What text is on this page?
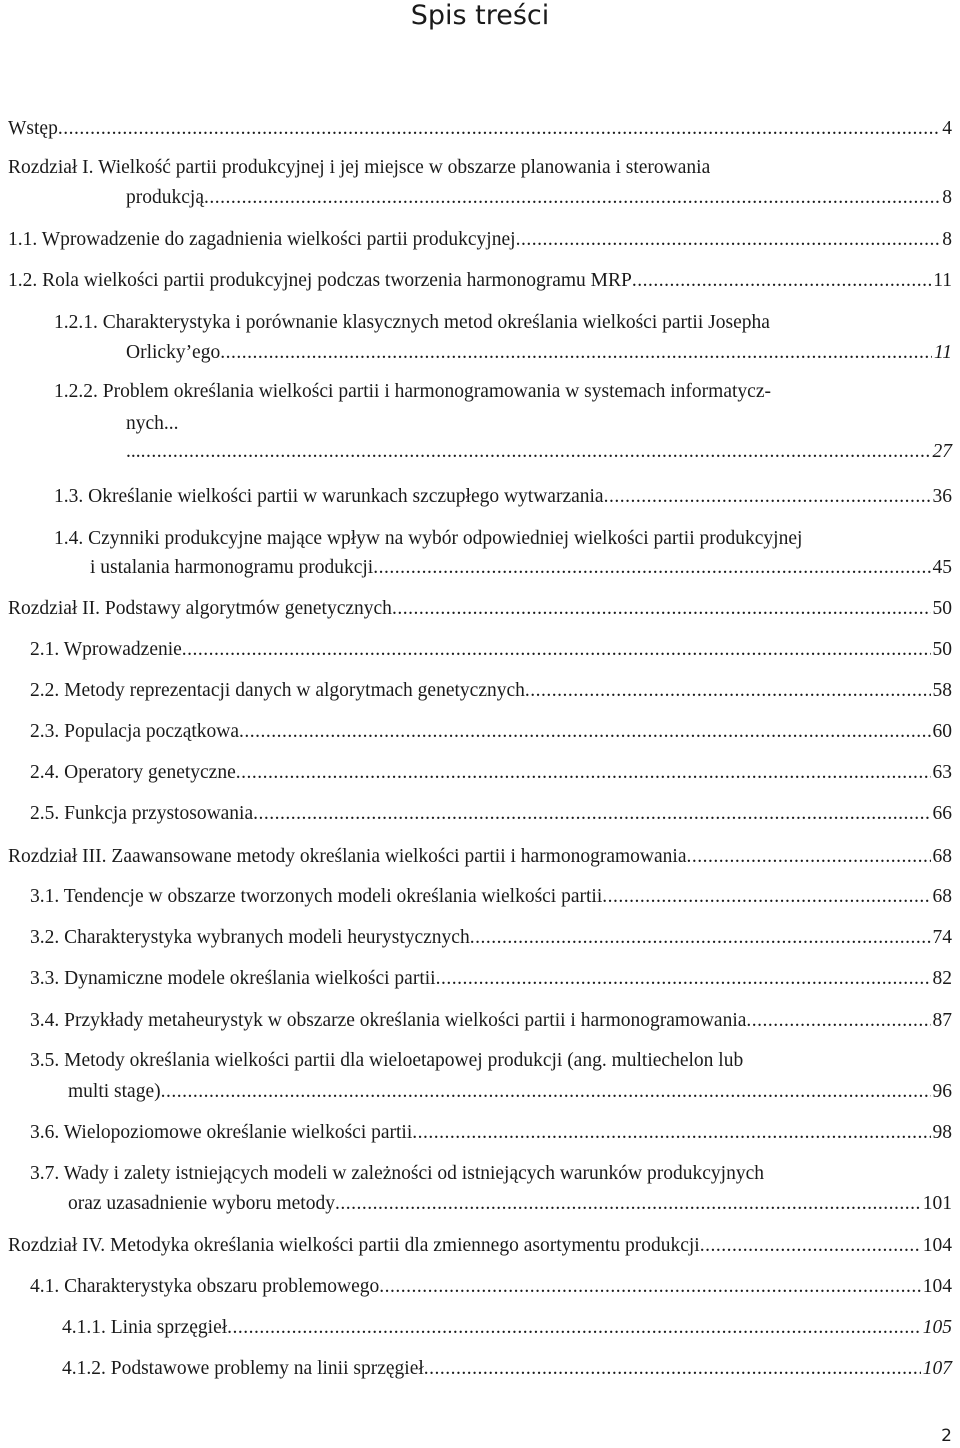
Spis treści
Wstęp .....	4
Rozdział I. Wielkość partii produkcyjnej i jej miejsce w obszarze planowania i sterowania
produkcją .....	8
1.1. Wprowadzenie do zagadnienia wielkości partii produkcyjnej .....	8
1.2. Rola wielkości partii produkcyjnej podczas tworzenia harmonogramu MRP .....	11
1.2.1. Charakterystyka i porównanie klasycznych metod określania wielkości partii Josepha
Orlicky’ego .....	11
1.2.2. Problem określania wielkości partii i harmonogramowania w systemach informatycz-
nych...
... .....	27
1.3. Określanie wielkości partii w warunkach szczupłego wytwarzania .....	36
1.4. Czynniki produkcyjne mające wpływ na wybór odpowiedniej wielkości partii produkcyjnej
i ustalania harmonogramu produkcji .....	45
Rozdział II. Podstawy algorytmów genetycznych .....	50
2.1. Wprowadzenie .....	50
2.2. Metody reprezentacji danych w algorytmach genetycznych .....	58
2.3. Populacja początkowa .....	60
2.4. Operatory genetyczne .....	63
2.5. Funkcja przystosowania .....	66
Rozdział III. Zaawansowane metody określania wielkości partii i harmonogramowania .....	68
3.1. Tendencje w obszarze tworzonych modeli określania wielkości partii .....	68
3.2. Charakterystyka wybranych modeli heurystycznych .....	74
3.3. Dynamiczne modele określania wielkości partii .....	82
3.4. Przykłady metaheurystyk w obszarze określania wielkości partii i harmonogramowania .....	87
3.5. Metody określania wielkości partii dla wieloetapowej produkcji (ang. multiechelon lub
multi stage) .....	96
3.6. Wielopoziomowe określanie wielkości partii .....	98
3.7. Wady i zalety istniejących modeli w zależności od istniejących warunków produkcyjnych
oraz uzasadnienie wyboru metody .....	101
Rozdział IV. Metodyka określania wielkości partii dla zmiennego asortymentu produkcji .....	104
4.1. Charakterystyka obszaru problemowego .....	104
4.1.1. Linia sprzęgieł .....	105
4.1.2. Podstawowe problemy na linii sprzęgieł .....	107
2
